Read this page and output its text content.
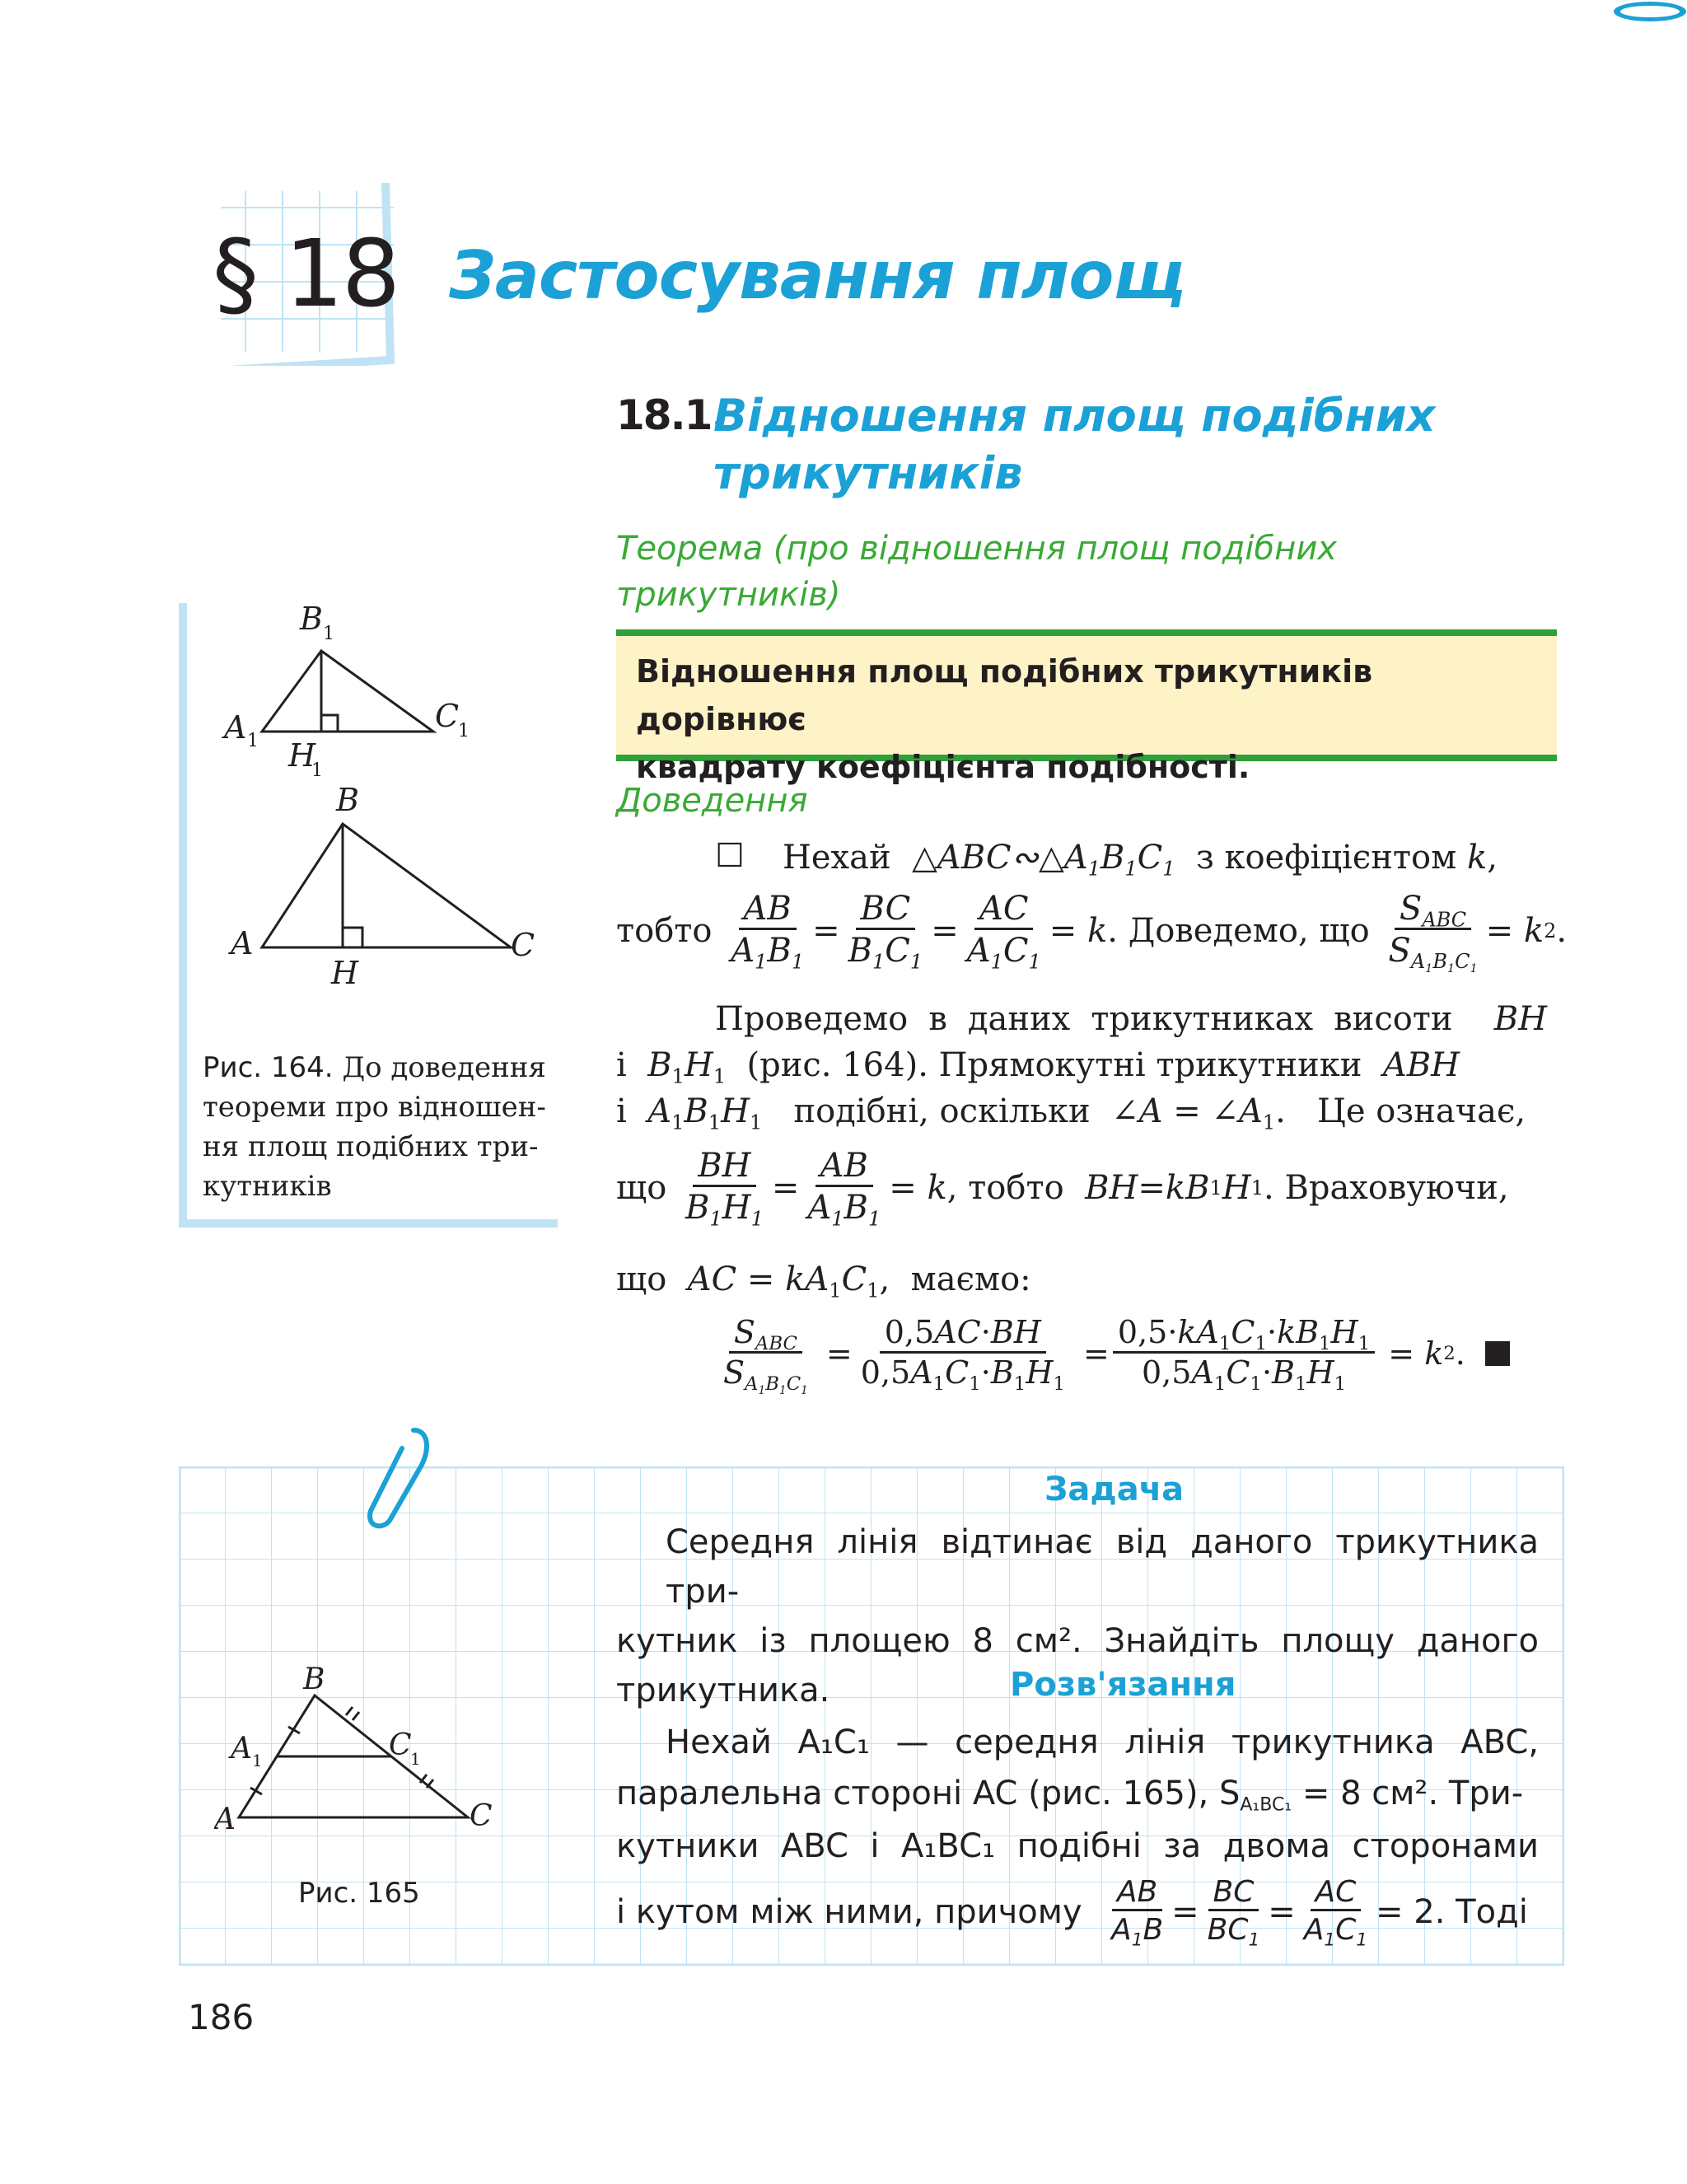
§ 18 Застосування площ
18.1.
Відношення площ подібних
трикутників
Теорема (про відношення площ подібних
трикутників)
Відношення площ подібних трикутників дорівнює
квадрату коефіцієнта подібності.
Доведення
☐ Нехай $\triangle ABC∾\triangle A_1B_1C_1$ з коефіцієнтом k,
тобто
$\frac{AB}{A_1B_1} = \frac{BC}{B_1C_1} = \frac{AC}{A_1C_1} = k$ . Доведемо, що
$\frac{S_{ABC}}{S_{A_1B_1C_1}} = k$ 2 .
Проведемо в даних трикутниках висоти BH
і $B_1H_1$ (рис. 164). Прямокутні трикутники ABH
і $A_1B_1H_1$ подібні, оскільки  ∠A = $\angle A_1$.   Це означає,
що
$\frac{BH}{B_1H_1} = \frac{AB}{A_1B_1} = k$ , тобто
BH = kB 1 H 1 . Враховуючи,
що AC = $kA_1C_1$,  маємо:
$\frac{S_{ABC}}{S_{A_1B_1C_1}} = \frac{0,5AC\cdot BH}{0,5A_1C_1\cdot B_1H_1} = \frac{0,5\cdot kA_1C_1\cdot kB_1H_1}{0,5A_1C_1\cdot B_1H_1} = k$ 2 .
B 1
A 1
C
1
H
1
B
A	C
H
Рис. 164. До доведення
теореми про відношен-
ня площ подібних три-
кутників
Задача
Середня лінія відтинає від даного трикутника три-
кутник із площею 8 см². Знайдіть площу даного
трикутника.	Розв'язання
Нехай A₁C₁ — середня лінія трикутника ABC,
паралельна стороні AC (рис. 165), $S_{A_1BC_1} = 8$ см². Три-
кутники ABC і A₁BC₁ подібні за двома сторонами
і кутом між ними, причому
$\frac{AB}{A_1B} = \frac{BC}{BC_1} = \frac{AC}{A_1C_1} = 2$. Тоді
B
A 1	C
1
A	C
Рис. 165
186
